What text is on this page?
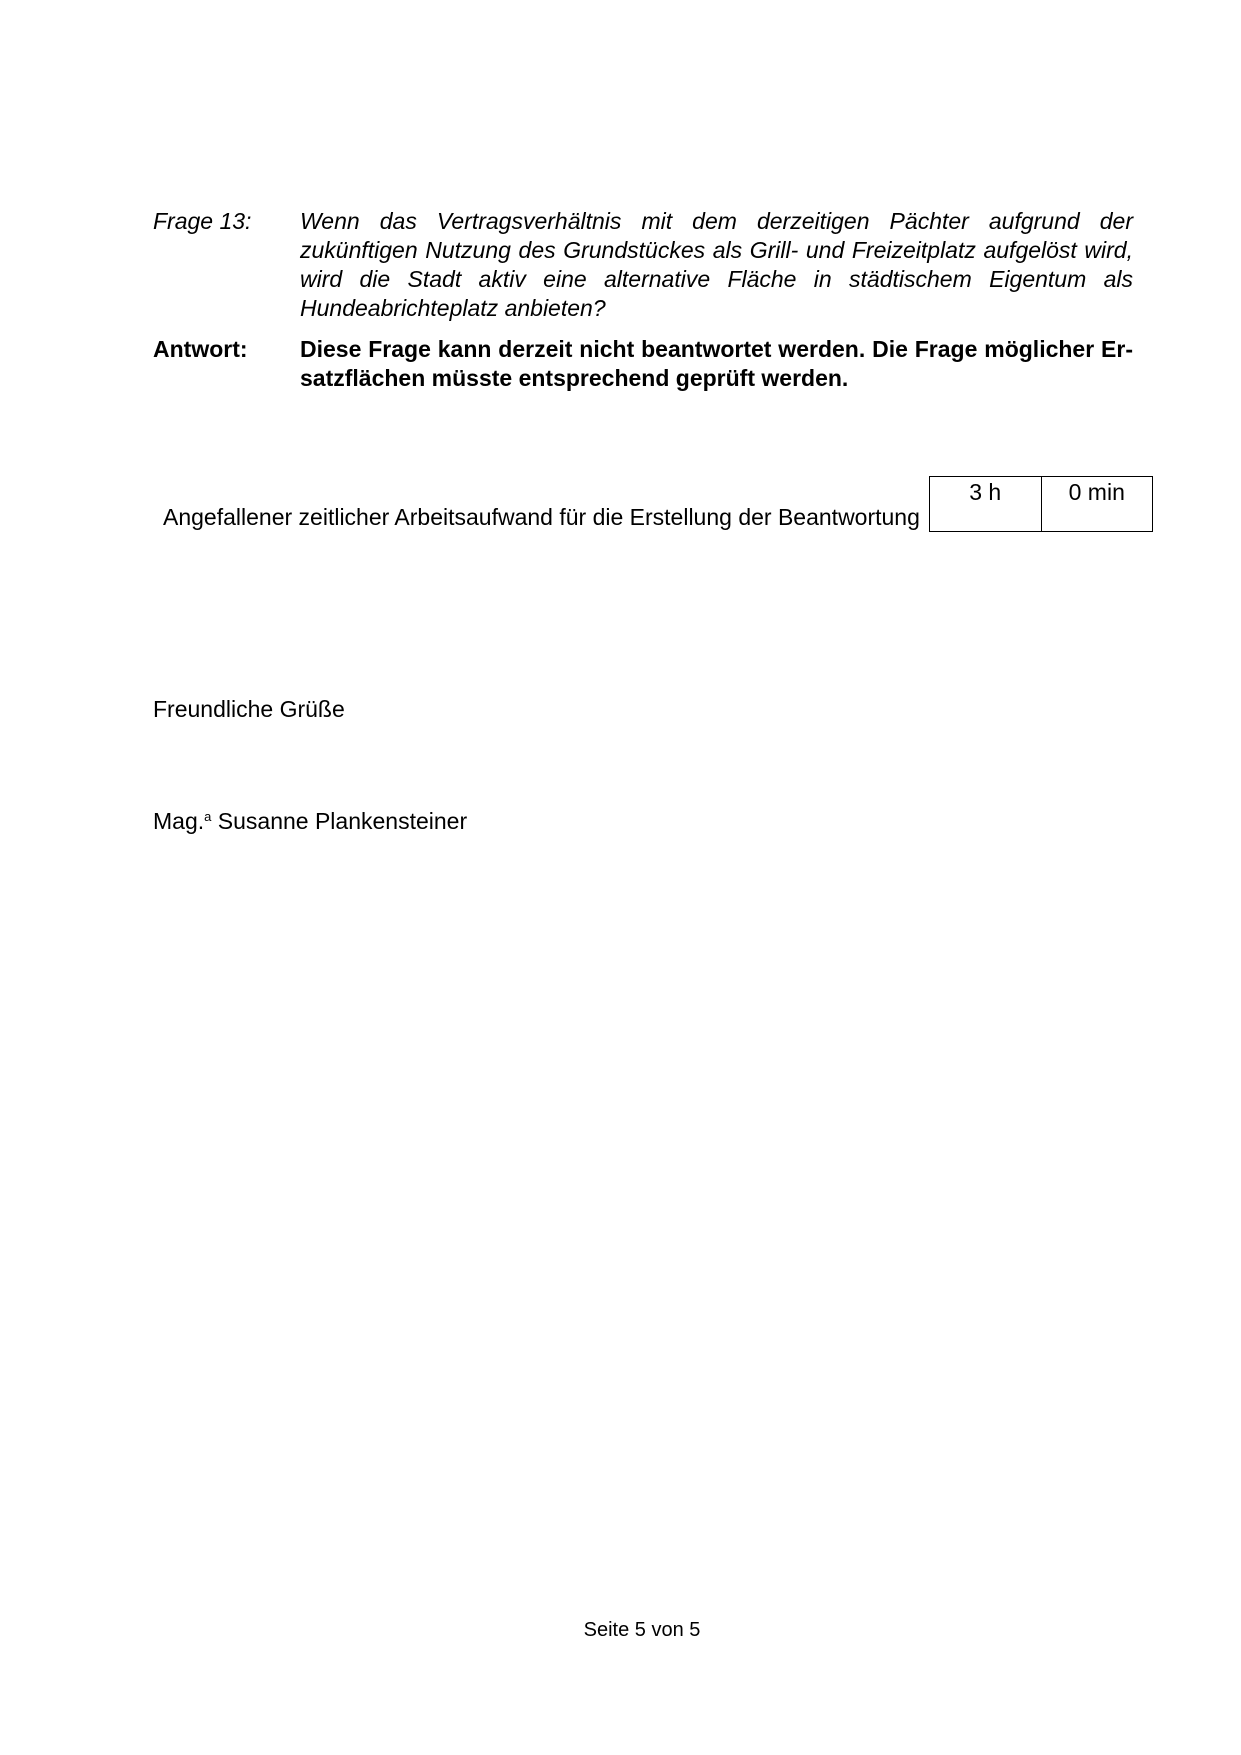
Frage 13:	Wenn das Vertragsverhältnis mit dem derzeitigen Pächter aufgrund der zukünftigen Nutzung des Grundstückes als Grill- und Freizeitplatz aufgelöst wird, wird die Stadt aktiv eine alternative Fläche in städtischem Eigentum als Hundeabrichteplatz anbieten?
Antwort:	Diese Frage kann derzeit nicht beantwortet werden. Die Frage möglicher Ersatzflächen müsste entsprechend geprüft werden.
Angefallener zeitlicher Arbeitsaufwand für die Erstellung der Beantwortung
3 h	0 min
Freundliche Grüße
Mag.$^a$ Susanne Plankensteiner
Seite 5 von 5
